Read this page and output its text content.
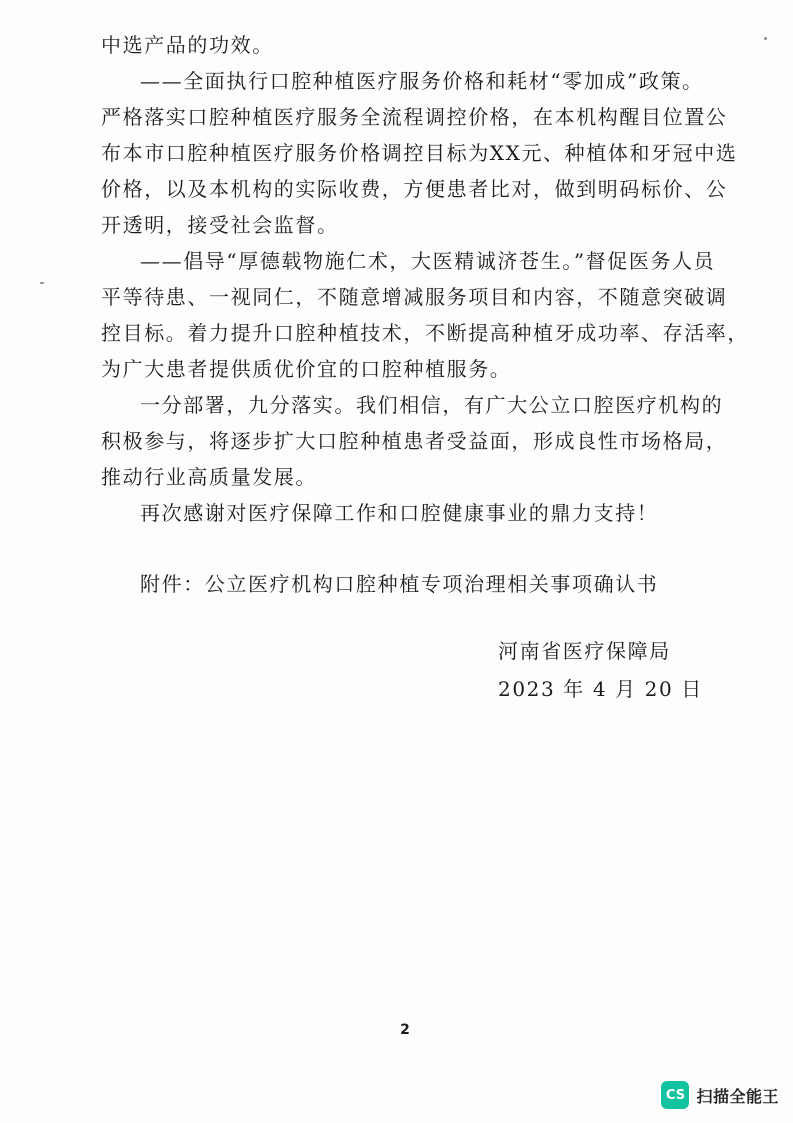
中选产品的功效。

——全面执行口腔种植医疗服务价格和耗材“零加成”政策。

严格落实口腔种植医疗服务全流程调控价格，在本机构醒目位置公

布本市口腔种植医疗服务价格调控目标为XX元、种植体和牙冠中选

价格，以及本机构的实际收费，方便患者比对，做到明码标价、公

开透明，接受社会监督。

——倡导“厚德载物施仁术，大医精诚济苍生。”督促医务人员

平等待患、一视同仁，不随意增减服务项目和内容，不随意突破调

控目标。着力提升口腔种植技术，不断提高种植牙成功率、存活率，

为广大患者提供质优价宜的口腔种植服务。

一分部署，九分落实。我们相信，有广大公立口腔医疗机构的

积极参与，将逐步扩大口腔种植患者受益面，形成良性市场格局，

推动行业高质量发展。

再次感谢对医疗保障工作和口腔健康事业的鼎力支持！

附件：公立医疗机构口腔种植专项治理相关事项确认书

河南省医疗保障局
2023 年 4 月 20 日
2
CS 扫描全能王
